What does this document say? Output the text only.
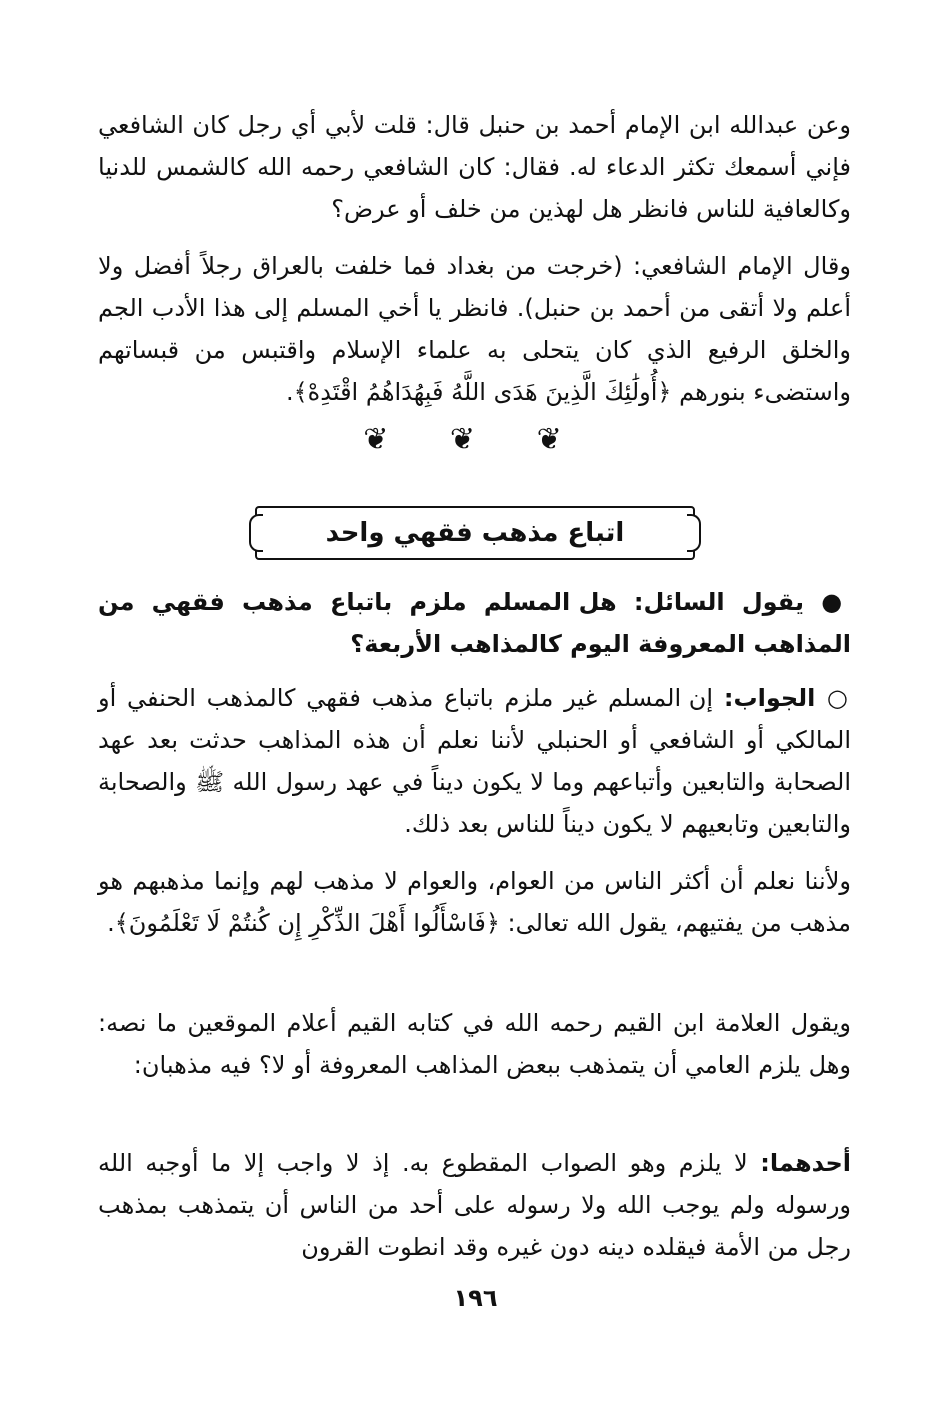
وعن عبدالله ابن الإمام أحمد بن حنبل قال: قلت لأبي أي رجل كان الشافعي فإني أسمعك تكثر الدعاء له. فقال: كان الشافعي رحمه الله كالشمس للدنيا وكالعافية للناس فانظر هل لهذين من خلف أو عرض؟

وقال الإمام الشافعي: (خرجت من بغداد فما خلفت بالعراق رجلاً أفضل ولا أعلم ولا أتقى من أحمد بن حنبل). فانظر يا أخي المسلم إلى هذا الأدب الجم والخلق الرفيع الذي كان يتحلى به علماء الإسلام واقتبس من قبساتهم واستضىء بنورهم ﴿أُولَٰئِكَ الَّذِينَ هَدَى اللَّهُ فَبِهُدَاهُمُ اقْتَدِهْ﴾.

❦ ❦ ❦
اتباع مذهب فقهي واحد

● يقول السائل: هل المسلم ملزم باتباع مذهب فقهي من المذاهب المعروفة اليوم كالمذاهب الأربعة؟

○ الجواب: إن المسلم غير ملزم باتباع مذهب فقهي كالمذهب الحنفي أو المالكي أو الشافعي أو الحنبلي لأننا نعلم أن هذه المذاهب حدثت بعد عهد الصحابة والتابعين وأتباعهم وما لا يكون ديناً في عهد رسول الله ﷺ والصحابة والتابعين وتابعيهم لا يكون ديناً للناس بعد ذلك.

ولأننا نعلم أن أكثر الناس من العوام، والعوام لا مذهب لهم وإنما مذهبهم هو مذهب من يفتيهم، يقول الله تعالى: ﴿فَاسْأَلُوا أَهْلَ الذِّكْرِ إِن كُنتُمْ لَا تَعْلَمُونَ﴾.

ويقول العلامة ابن القيم رحمه الله في كتابه القيم أعلام الموقعين ما نصه: وهل يلزم العامي أن يتمذهب ببعض المذاهب المعروفة أو لا؟ فيه مذهبان:

أحدهما: لا يلزم وهو الصواب المقطوع به. إذ لا واجب إلا ما أوجبه الله ورسوله ولم يوجب الله ولا رسوله على أحد من الناس أن يتمذهب بمذهب رجل من الأمة فيقلده دينه دون غيره وقد انطوت القرون

١٩٦
